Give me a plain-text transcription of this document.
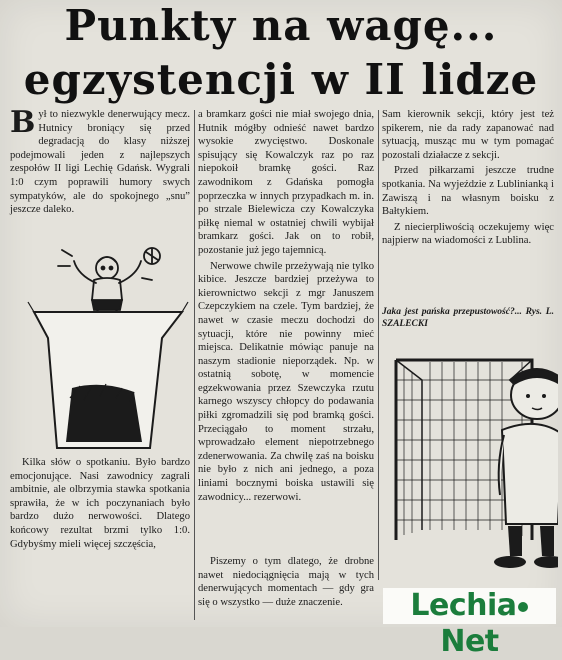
Punkty na wagę...
egzystencji w II lidze

Był to niezwykle denerwujący mecz. Hutnicy broniący się przed degradacją do klasy niższej podejmowali jeden z najlepszych zespołów II ligi Lechię Gdańsk. Wygrali 1:0 czym poprawili humory swych sympatyków, ale do spokojnego „snu” jeszcze daleko.

Kilka słów o spotkaniu. Było bardzo emocjonujące. Nasi zawodnicy zagrali ambitnie, ale olbrzymia stawka spotkania sprawiła, że w ich poczynaniach było bardzo dużo nerwowości. Dlatego końcowy rezultat brzmi tylko 1:0. Gdybyśmy mieli więcej szczęścia,

a bramkarz gości nie miał swojego dnia, Hutnik mógłby odnieść nawet bardzo wysokie zwycięstwo. Doskonale spisujący się Kowalczyk raz po raz niepokoił bramkę gości. Raz zawodnikom z Gdańska pomogła poprzeczka w innych przypadkach m. in. po strzale Bielewicza czy Kowalczyka piłkę niemal w ostatniej chwili wybijał bramkarz gości. Jak on to robił, pozostanie już jego tajemnicą.

Nerwowe chwile przeżywają nie tylko kibice. Jeszcze bardziej przeżywa to kierownictwo sekcji z mgr Januszem Czepczykiem na czele. Tym bardziej, że nawet w czasie meczu dochodzi do sytuacji, które nie powinny mieć miejsca. Delikatnie mówiąc panuje na naszym stadionie nieporządek. Np. w ostatnią sobotę, w momencie egzekwowania przez Szewczyka rzutu karnego wszyscy chłopcy do podawania piłki zgromadzili się pod bramką gości. Przeciągało to moment strzału, wprowadzało element niepotrzebnego zdenerwowania. Za chwilę zaś na boisku nie było z nich ani jednego, a poza liniami bocznymi boiska ustawili się zawodnicy... rezerwowi.

Piszemy o tym dlatego, że drobne nawet niedociągnięcia mają w tych denerwujących momentach — gdy gra się o wszystko — duże znaczenie.

Sam kierownik sekcji, który jest też spikerem, nie da rady zapanować nad sytuacją, musząc mu w tym pomagać pozostali działacze z sekcji.

Przed piłkarzami jeszcze trudne spotkania. Na wyjeździe z Lublinianką i Zawiszą i na własnym boisku z Bałtykiem.

Z niecierpliwością oczekujemy więc najpierw na wiadomości z Lublina.

Jaka jest pańska przepustowość?... Rys. L. SZALECKI
LechiaNet
